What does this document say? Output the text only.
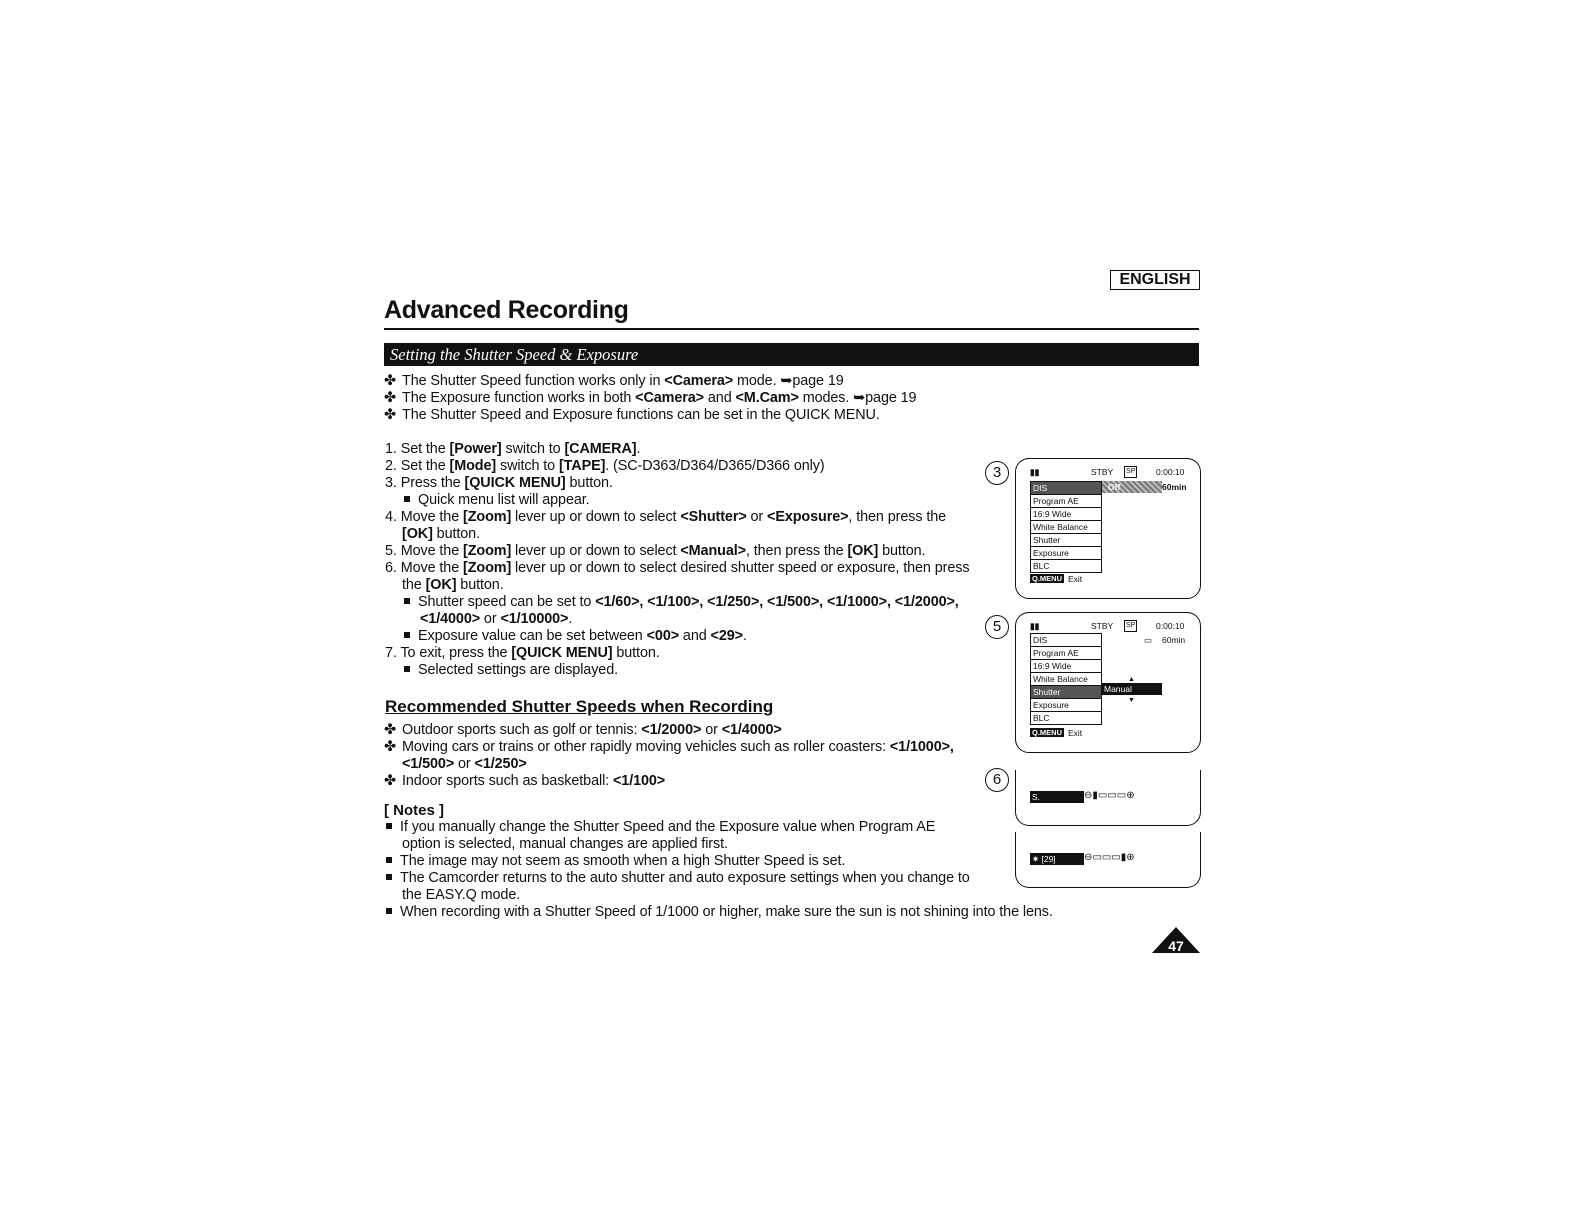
ENGLISH
Advanced Recording
Setting the Shutter Speed & Exposure
✤ The Shutter Speed function works only in <Camera> mode. ➥page 19
✤ The Exposure function works in both <Camera> and <M.Cam> modes. ➥page 19
✤ The Shutter Speed and Exposure functions can be set in the QUICK MENU.
1. Set the [Power] switch to [CAMERA].
2. Set the [Mode] switch to [TAPE]. (SC-D363/D364/D365/D366 only)
3. Press the [QUICK MENU] button.
Quick menu list will appear.
4. Move the [Zoom] lever up or down to select <Shutter> or <Exposure>, then press the
[OK] button.
5. Move the [Zoom] lever up or down to select <Manual>, then press the [OK] button.
6. Move the [Zoom] lever up or down to select desired shutter speed or exposure, then press
the [OK] button.
Shutter speed can be set to <1/60>, <1/100>, <1/250>, <1/500>, <1/1000>, <1/2000>,
<1/4000> or <1/10000>.
Exposure value can be set between <00> and <29>.
7. To exit, press the [QUICK MENU] button.
Selected settings are displayed.
Recommended Shutter Speeds when Recording
✤ Outdoor sports such as golf or tennis: <1/2000> or <1/4000>
✤ Moving cars or trains or other rapidly moving vehicles such as roller coasters: <1/1000>,
<1/500> or <1/250>
✤ Indoor sports such as basketball: <1/100>
[ Notes ]
If you manually change the Shutter Speed and the Exposure value when Program AE
option is selected, manual changes are applied first.
The image may not seem as smooth when a high Shutter Speed is set.
The Camcorder returns to the auto shutter and auto exposure settings when you change to
the EASY.Q mode.
When recording with a Shutter Speed of 1/1000 or higher, make sure the sun is not shining into the lens.
3	▮▮	STBY SP 0:00:10
Off	60min
DIS
Program AE
16:9 Wide
White Balance
Shutter
Exposure
BLC
Q.MENU Exit
5	▮▮	STBY SP 0:00:10
▭ 60min
DIS
Program AE
16:9 Wide
White Balance
Shutter
Exposure
BLC
▲
Manual
▼
Q.MENU Exit
6
S.	⊖▮▭▭▭⊕
✷ [29]	⊖▭▭▭▮⊕
47
